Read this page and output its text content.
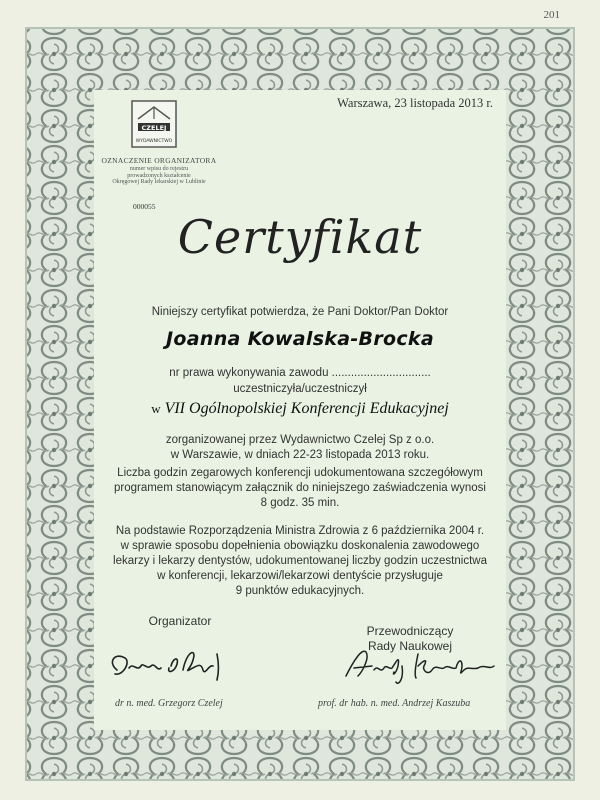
201
Warszawa, 23 listopada 2013 r.
CZELEJ
WYDAWNICTWO
OZNACZENIE ORGANIZATORA
numer wpisu do rejestru
prowadzonych kształcenie
Okręgowej Rady lekarskiej w Lublinie
000055
Certyfikat
Niniejszy certyfikat potwierdza, że Pani Doktor/Pan Doktor
Joanna Kowalska-Brocka
nr prawa wykonywania zawodu ...............................
uczestniczyła/uczestniczył
w VII Ogólnopolskiej Konferencji Edukacyjnej
zorganizowanej przez Wydawnictwo Czelej Sp z o.o.
w Warszawie, w dniach 22-23 listopada 2013 roku.
Liczba godzin zegarowych konferencji udokumentowana szczegółowym
programem stanowiącym załącznik do niniejszego zaświadczenia wynosi
8 godz. 35 min.
Na podstawie Rozporządzenia Ministra Zdrowia z 6 października 2004 r.
w sprawie sposobu dopełnienia obowiązku doskonalenia zawodowego
lekarzy i lekarzy dentystów, udokumentowanej liczby godzin uczestnictwa
w konferencji, lekarzowi/lekarzowi dentyście przysługuje
9 punktów edukacyjnych.
Organizator
Przewodniczący
Rady Naukowej
dr n. med. Grzegorz Czelej	prof. dr hab. n. med. Andrzej Kaszuba
